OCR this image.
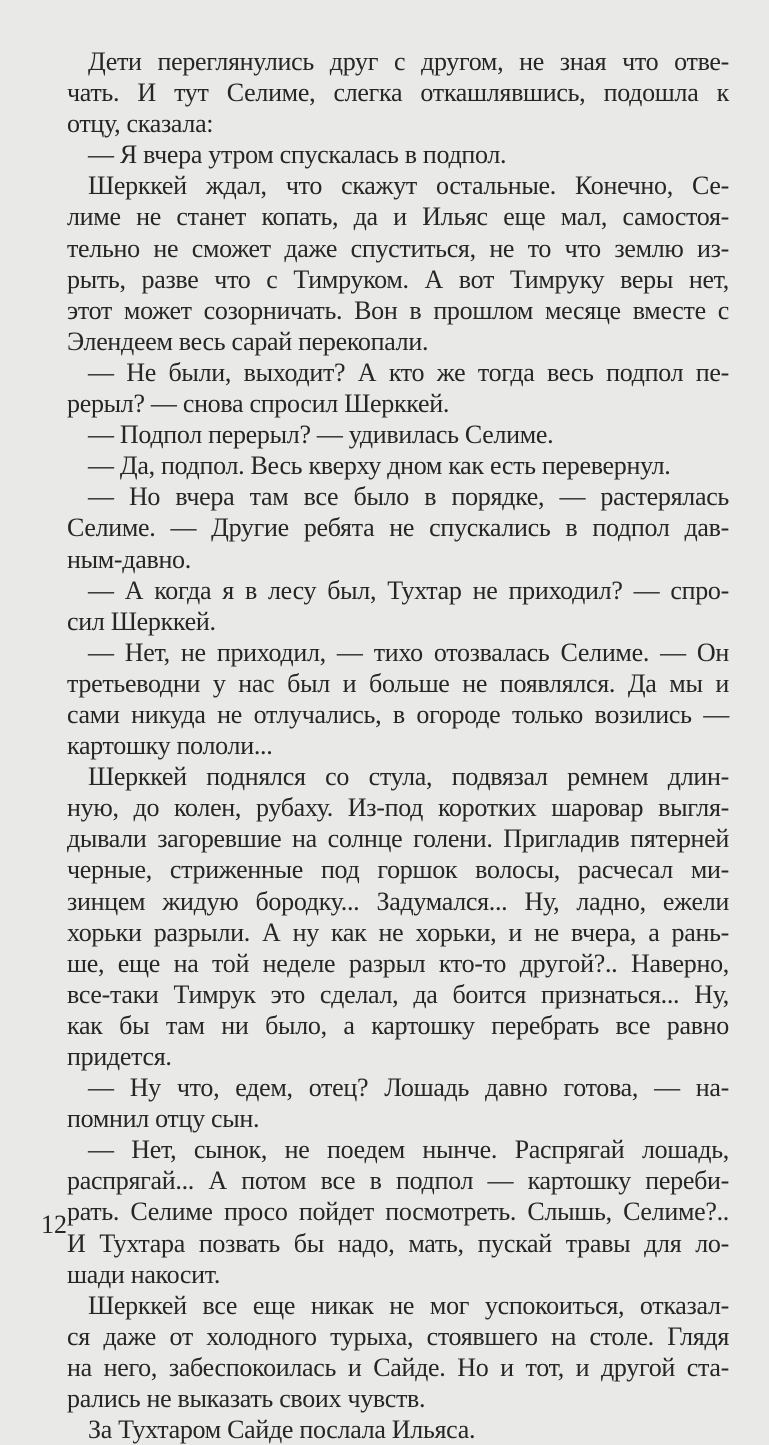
Дети переглянулись друг с другом, не зная что отве-
чать. И тут Селиме, слегка откашлявшись, подошла к
отцу, сказала:
— Я вчера утром спускалась в подпол.
Шерккей ждал, что скажут остальные. Конечно, Се-
лиме не станет копать, да и Ильяс еще мал, самостоя-
тельно не сможет даже спуститься, не то что землю из-
рыть, разве что с Тимруком. А вот Тимруку веры нет,
этот может созорничать. Вон в прошлом месяце вместе с
Элендеем весь сарай перекопали.
— Не были, выходит? А кто же тогда весь подпол пе-
рерыл? — снова спросил Шерккей.
— Подпол перерыл? — удивилась Селиме.
— Да, подпол. Весь кверху дном как есть перевернул.
— Но вчера там все было в порядке, — растерялась
Селиме. — Другие ребята не спускались в подпол дав-
ным-давно.
— А когда я в лесу был, Тухтар не приходил? — спро-
сил Шерккей.
— Нет, не приходил, — тихо отозвалась Селиме. — Он
третьеводни у нас был и больше не появлялся. Да мы и
сами никуда не отлучались, в огороде только возились —
картошку пололи...
Шерккей поднялся со стула, подвязал ремнем длин-
ную, до колен, рубаху. Из-под коротких шаровар выгля-
дывали загоревшие на солнце голени. Пригладив пятерней
черные, стриженные под горшок волосы, расчесал ми-
зинцем жидую бородку... Задумался... Ну, ладно, ежели
хорьки разрыли. А ну как не хорьки, и не вчера, а рань-
ше, еще на той неделе разрыл кто-то другой?.. Наверно,
все-таки Тимрук это сделал, да боится признаться... Ну,
как бы там ни было, а картошку перебрать все равно
придется.
— Ну что, едем, отец? Лошадь давно готова, — на-
помнил отцу сын.
— Нет, сынок, не поедем нынче. Распрягай лошадь,
распрягай... А потом все в подпол — картошку переби-
рать. Селиме просо пойдет посмотреть. Слышь, Селиме?..
И Тухтара позвать бы надо, мать, пускай травы для ло-
шади накосит.
Шерккей все еще никак не мог успокоиться, отказал-
ся даже от холодного турыха, стоявшего на столе. Глядя
на него, забеспокоилась и Сайде. Но и тот, и другой ста-
рались не выказать своих чувств.
За Тухтаром Сайде послала Ильяса.
12
